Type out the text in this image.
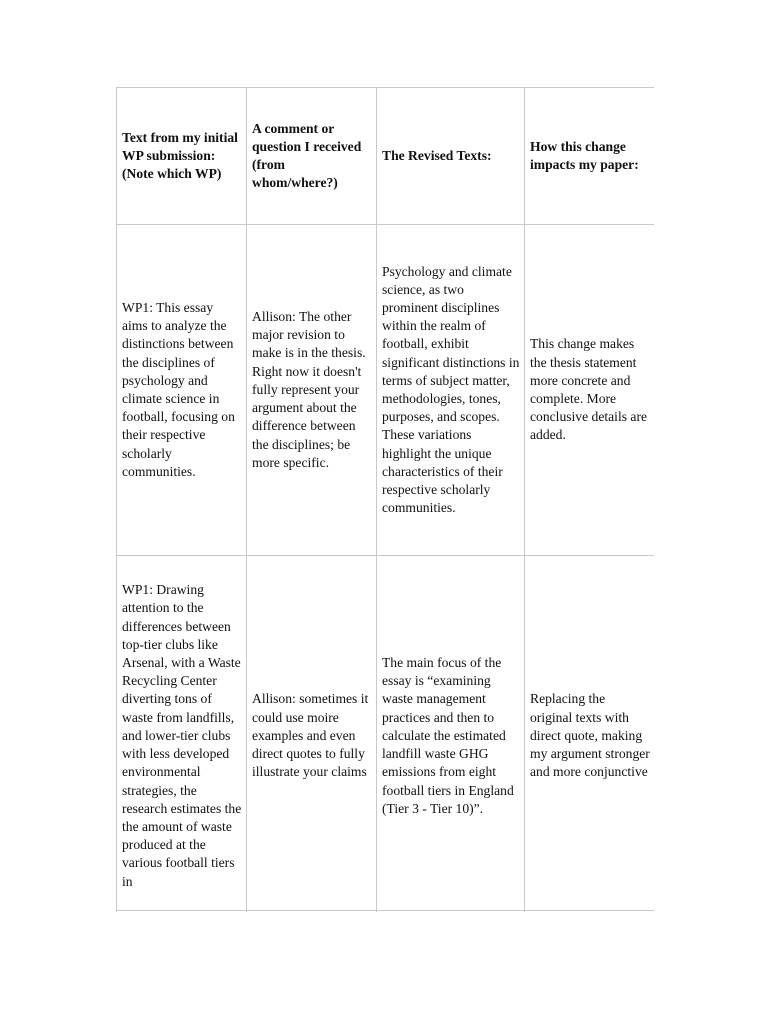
Text from my initial WP submission: (Note which WP)	A comment or question I received (from whom/where?)	The Revised Texts:	How this change impacts my paper:
WP1: This essay aims to analyze the distinctions between the disciplines of psychology and climate science in football, focusing on their respective scholarly communities.	Allison: The other major revision to make is in the thesis. Right now it doesn't fully represent your argument about the difference between the disciplines; be more specific.	Psychology and climate science, as two prominent disciplines within the realm of football, exhibit significant distinctions in terms of subject matter, methodologies, tones, purposes, and scopes. These variations highlight the unique characteristics of their respective scholarly communities.	This change makes the thesis statement more concrete and complete. More conclusive details are added.
WP1: Drawing attention to the differences between top-tier clubs like Arsenal, with a Waste Recycling Center diverting tons of waste from landfills, and lower-tier clubs with less developed environmental strategies, the research estimates the the amount of waste produced at the various football tiers in	Allison: sometimes it could use moire examples and even direct quotes to fully illustrate your claims	The main focus of the essay is “examining waste management practices and then to calculate the estimated landfill waste GHG emissions from eight football tiers in England (Tier 3 - Tier 10)”.	Replacing the original texts with direct quote, making my argument stronger and more conjunctive
